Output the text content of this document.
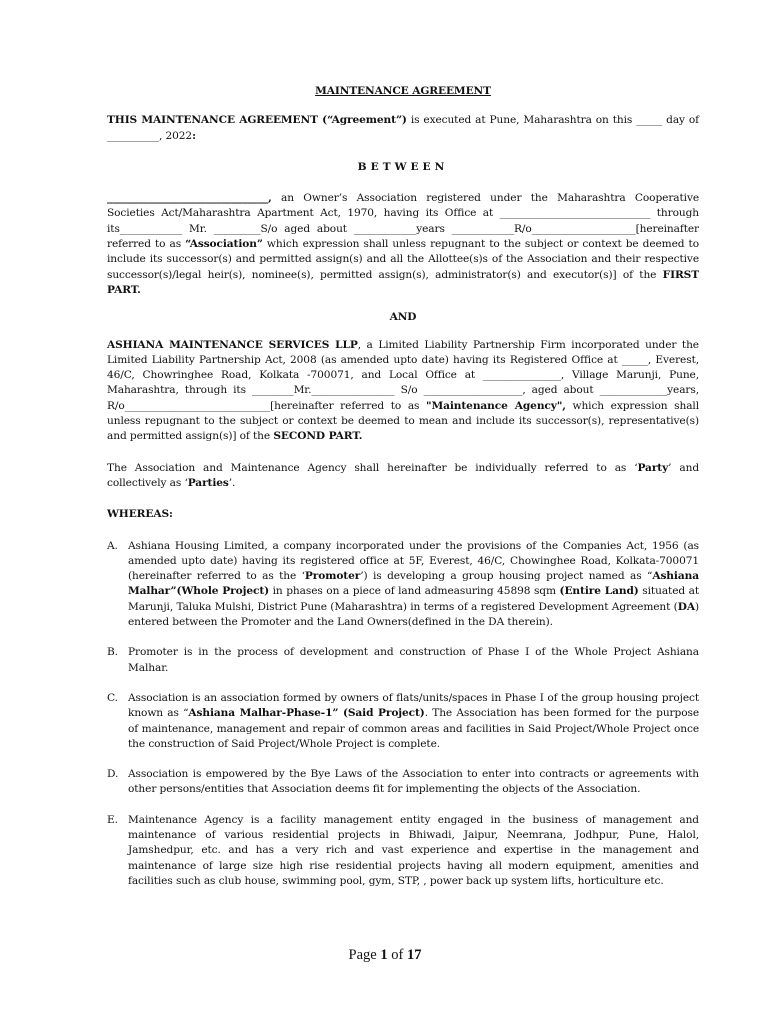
MAINTENANCE AGREEMENT

THIS MAINTENANCE AGREEMENT (“Agreement”) is executed at Pune, Maharashtra on this _____ day of __________, 2022:

BETWEEN

_______________________________, an Owner’s Association registered under the Maharashtra Cooperative Societies Act/Maharashtra Apartment Act, 1970, having its Office at _____________________________ through its____________ Mr. _________S/o aged about ____________years ____________R/o____________________[hereinafter referred to as “Association” which expression shall unless repugnant to the subject or context be deemed to include its successor(s) and permitted assign(s) and all the Allottee(s)s of the Association and their respective successor(s)/legal heir(s), nominee(s), permitted assign(s), administrator(s) and executor(s)] of the FIRST PART.

AND

ASHIANA MAINTENANCE SERVICES LLP, a Limited Liability Partnership Firm incorporated under the Limited Liability Partnership Act, 2008 (as amended upto date) having its Registered Office at _____, Everest, 46/C, Chowringhee Road, Kolkata -700071, and Local Office at _______________, Village Marunji, Pune, Maharashtra, through its ________Mr.________________ S/o ___________________, aged about _____________years, R/o____________________________[hereinafter referred to as "Maintenance Agency", which expression shall unless repugnant to the subject or context be deemed to mean and include its successor(s), representative(s) and permitted assign(s)] of the SECOND PART.

The Association and Maintenance Agency shall hereinafter be individually referred to as ‘Party’ and collectively as ‘Parties’.

WHEREAS:

A. Ashiana Housing Limited, a company incorporated under the provisions of the Companies Act, 1956 (as amended upto date) having its registered office at 5F, Everest, 46/C, Chowinghee Road, Kolkata-700071 (hereinafter referred to as the ‘Promoter’) is developing a group housing project named as “Ashiana Malhar”(Whole Project) in phases on a piece of land admeasuring 45898 sqm (Entire Land) situated at Marunji, Taluka Mulshi, District Pune (Maharashtra) in terms of a registered Development Agreement (DA) entered between the Promoter and the Land Owners(defined in the DA therein).
B. Promoter is in the process of development and construction of Phase I of the Whole Project Ashiana Malhar.
C. Association is an association formed by owners of flats/units/spaces in Phase I of the group housing project known as “Ashiana Malhar-Phase-1” (Said Project). The Association has been formed for the purpose of maintenance, management and repair of common areas and facilities in Said Project/Whole Project once the construction of Said Project/Whole Project is complete.
D. Association is empowered by the Bye Laws of the Association to enter into contracts or agreements with other persons/entities that Association deems fit for implementing the objects of the Association.
E. Maintenance Agency is a facility management entity engaged in the business of management and maintenance of various residential projects in Bhiwadi, Jaipur, Neemrana, Jodhpur, Pune, Halol, Jamshedpur, etc. and has a very rich and vast experience and expertise in the management and maintenance of large size high rise residential projects having all modern equipment, amenities and facilities such as club house, swimming pool, gym, STP, , power back up system lifts, horticulture etc.
Page 1 of 17
